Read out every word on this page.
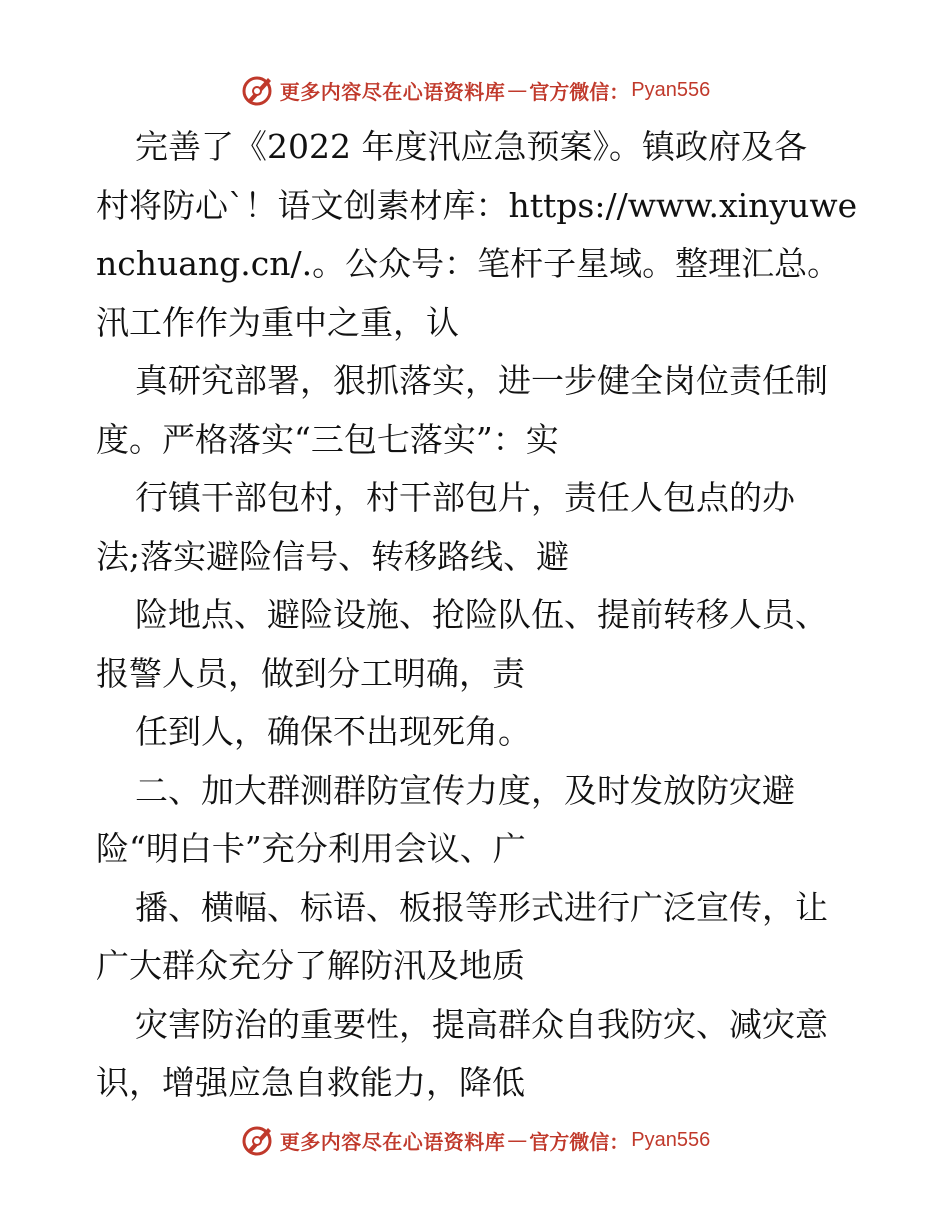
更多内容尽在心语资料库 — 官方微信： Pyan556

完善了《2022 年度汛应急预案》。镇政府及各

村将防心`！语文创素材库：https://www.xinyuwe

nchuang.cn/.。公众号：笔杆子星域。整理汇总。

汛工作作为重中之重，认

真研究部署，狠抓落实，进一步健全岗位责任制

度。严格落实“三包七落实”：实

行镇干部包村，村干部包片，责任人包点的办

法;落实避险信号、转移路线、避

险地点、避险设施、抢险队伍、提前转移人员、

报警人员，做到分工明确，责

任到人，确保不出现死角。

二、加大群测群防宣传力度，及时发放防灾避

险“明白卡”充分利用会议、广

播、横幅、标语、板报等形式进行广泛宣传，让

广大群众充分了解防汛及地质

灾害防治的重要性，提高群众自我防灾、减灾意

识，增强应急自救能力，降低

更多内容尽在心语资料库 — 官方微信： Pyan556
